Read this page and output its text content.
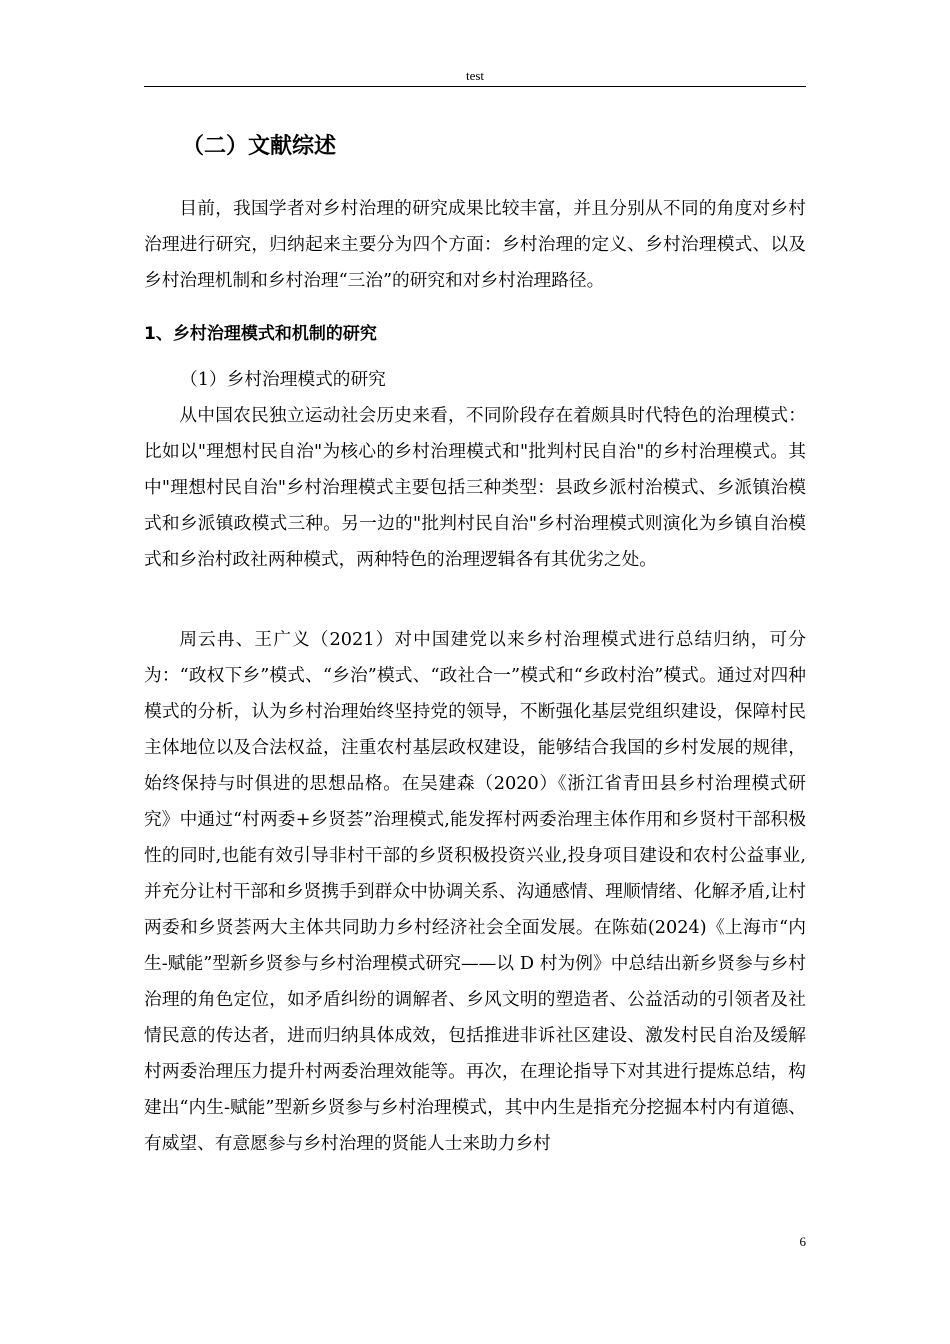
test
（二）文献综述

目前，我国学者对乡村治理的研究成果比较丰富，并且分别从不同的角度对乡村治理进行研究，归纳起来主要分为四个方面：乡村治理的定义、乡村治理模式、以及乡村治理机制和乡村治理“三治”的研究和对乡村治理路径。

1、乡村治理模式和机制的研究
（1）乡村治理模式的研究

从中国农民独立运动社会历史来看，不同阶段存在着颇具时代特色的治理模式：比如以"理想村民自治"为核心的乡村治理模式和"批判村民自治"的乡村治理模式。其中"理想村民自治"乡村治理模式主要包括三种类型：县政乡派村治模式、乡派镇治模式和乡派镇政模式三种。另一边的"批判村民自治"乡村治理模式则演化为乡镇自治模式和乡治村政社两种模式，两种特色的治理逻辑各有其优劣之处。

周云冉、王广义（2021）对中国建党以来乡村治理模式进行总结归纳，可分为：“政权下乡”模式、“乡治”模式、“政社合一”模式和“乡政村治”模式。通过对四种模式的分析，认为乡村治理始终坚持党的领导，不断强化基层党组织建设，保障村民主体地位以及合法权益，注重农村基层政权建设，能够结合我国的乡村发展的规律，始终保持与时俱进的思想品格。在吴建森（2020）《浙江省青田县乡村治理模式研究》中通过“村两委+乡贤荟”治理模式,能发挥村两委治理主体作用和乡贤村干部积极性的同时,也能有效引导非村干部的乡贤积极投资兴业,投身项目建设和农村公益事业,并充分让村干部和乡贤携手到群众中协调关系、沟通感情、理顺情绪、化解矛盾,让村两委和乡贤荟两大主体共同助力乡村经济社会全面发展。在陈茹(2024)《上海市“内生-赋能”型新乡贤参与乡村治理模式研究——以 D 村为例》中总结出新乡贤参与乡村治理的角色定位，如矛盾纠纷的调解者、乡风文明的塑造者、公益活动的引领者及社情民意的传达者，进而归纳具体成效，包括推进非诉社区建设、激发村民自治及缓解村两委治理压力提升村两委治理效能等。再次，在理论指导下对其进行提炼总结，构建出“内生-赋能”型新乡贤参与乡村治理模式，其中内生是指充分挖掘本村内有道德、有威望、有意愿参与乡村治理的贤能人士来助力乡村

6
